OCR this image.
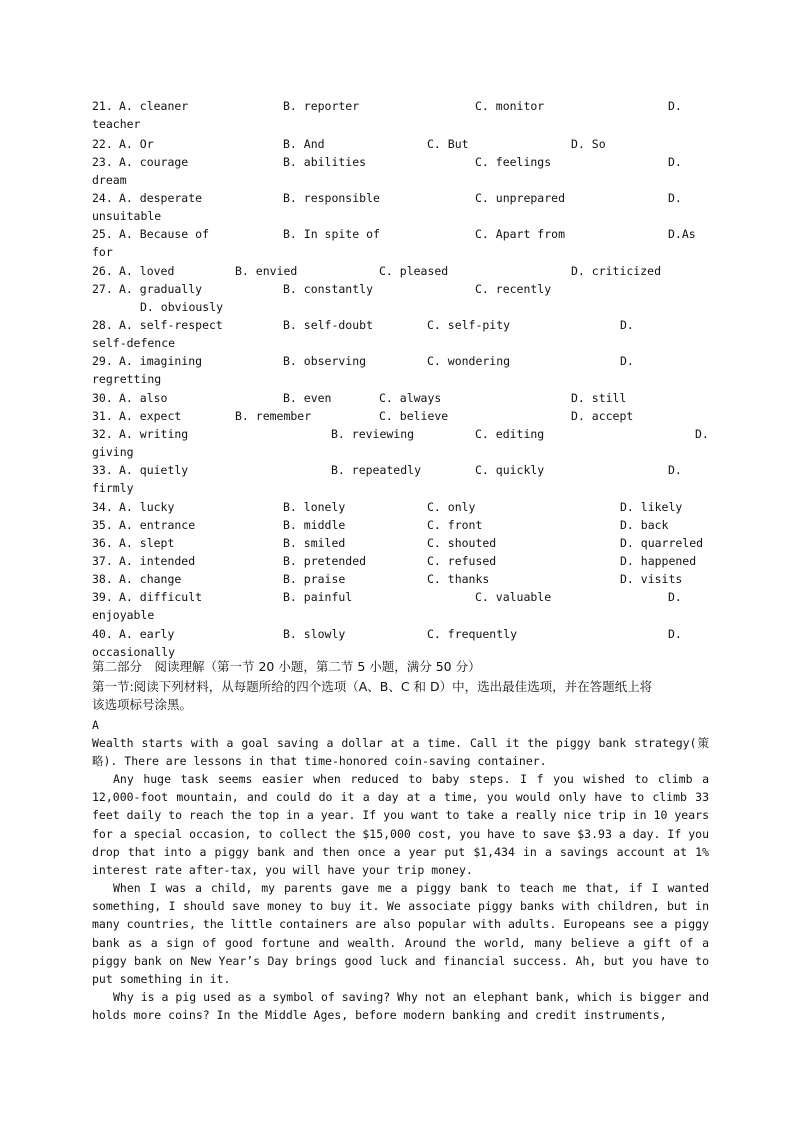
21. A. cleaner	B. reporter	C. monitor	D.
teacher
22. A. Or	B. And	C. But	D. So
23. A. courage	B. abilities	C. feelings	D.
dream
24. A. desperate	B. responsible	C. unprepared	D.
unsuitable
25. A. Because of	B. In spite of	C. Apart from	D.As
for
26. A. loved	B. envied	C. pleased	D. criticized
27. A. gradually	B. constantly	C. recently
D. obviously
28. A. self-respect	B. self-doubt	C. self-pity	D.
self-defence
29. A. imagining	B. observing	C. wondering	D.
regretting
30. A. also	B. even	C. always	D. still
31. A. expect	B. remember	C. believe	D. accept
32. A. writing	B. reviewing	C. editing	D.
giving
33. A. quietly	B. repeatedly	C. quickly	D.
firmly
34. A. lucky	B. lonely	C. only	D. likely
35. A. entrance	B. middle	C. front	D. back
36. A. slept	B. smiled	C. shouted	D. quarreled
37. A. intended	B. pretended	C. refused	D. happened
38. A. change	B. praise	C. thanks	D. visits
39. A. difficult	B. painful	C. valuable	D.
enjoyable
40. A. early	B. slowly	C. frequently	D.
occasionally
第二部分　阅读理解（第一节 20 小题，第二节 5 小题，满分 50 分）
第一节:阅读下列材料，从每题所给的四个选项（A、B、C 和 D）中，选出最佳选项，并在答题纸上将
该选项标号涂黑。
A
Wealth starts with a goal saving a dollar at a time. Call it the piggy bank strategy(策略). There are lessons in that time-honored coin-saving container.
Any huge task seems easier when reduced to baby steps. I f you wished to climb a 12,000-foot mountain, and could do it a day at a time, you would only have to climb 33 feet daily to reach the top in a year. If you want to take a really nice trip in 10 years for a special occasion, to collect the $15,000 cost, you have to save $3.93 a day. If you drop that into a piggy bank and then once a year put $1,434 in a savings account at 1% interest rate after-tax, you will have your trip money.
When I was a child, my parents gave me a piggy bank to teach me that, if I wanted something, I should save money to buy it. We associate piggy banks with children, but in many countries, the little containers are also popular with adults. Europeans see a piggy bank as a sign of good fortune and wealth. Around the world, many believe a gift of a piggy bank on New Year’s Day brings good luck and financial success. Ah, but you have to put something in it.
Why is a pig used as a symbol of saving? Why not an elephant bank, which is bigger and holds more coins? In the Middle Ages, before modern banking and credit instruments,
